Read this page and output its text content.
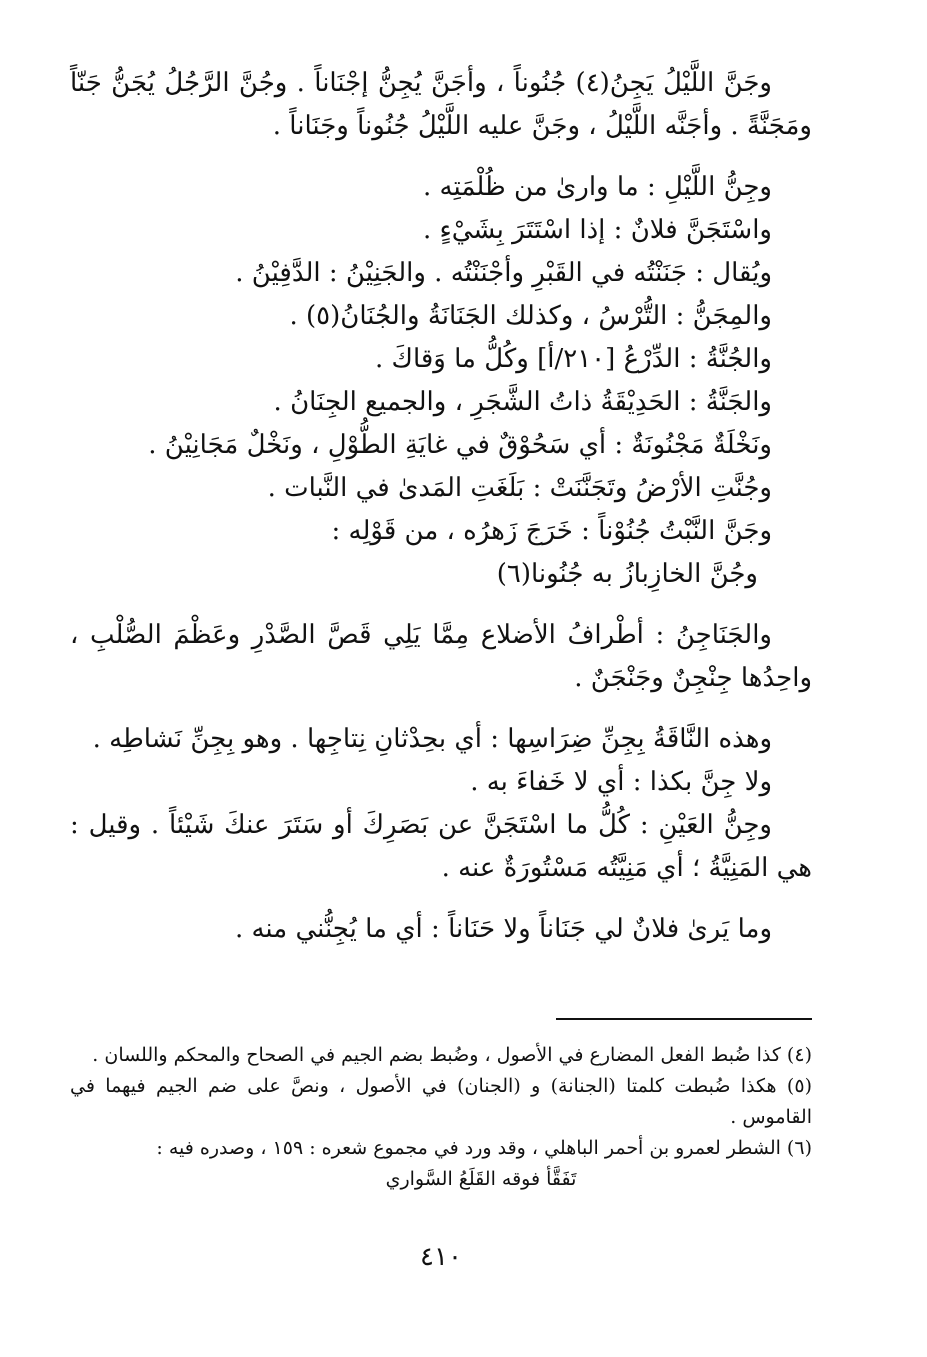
وجَنَّ اللَّيْلُ يَجِنُ(٤) جُنُوناً ، وأجَنَّ يُجِنُّ إجْنَاناً . وجُنَّ الرَّجُلُ يُجَنُّ جَنّاً ومَجَنَّةً . وأجَنَّه اللَّيْلُ ، وجَنَّ عليه اللَّيْلُ جُنُوناً وجَنَاناً .

وجِنُّ اللَّيْلِ : ما وارىٰ من ظُلْمَتِه .
واسْتَجَنَّ فلانٌ : إذا اسْتَتَرَ بِشَيْءٍ .
ويُقال : جَنَنْتُه في القَبْرِ وأجْنَنْتُه . والجَنِيْنُ : الدَّفِيْنُ .
والمِجَنُّ : التُّرْسُ ، وكذلك الجَنَانَةُ والجُنَانُ(٥) .
والجُنَّةُ : الدِّرْعُ [٢١٠/أ] وكُلُّ ما وَقاكَ .
والجَنَّةُ : الحَدِيْقَةُ ذاتُ الشَّجَرِ ، والجميع الجِنَانُ .
ونَخْلَةٌ مَجْنُونَةٌ : أي سَحُوْقٌ في غايَةِ الطُّوْلِ ، ونَخْلٌ مَجَانِيْنُ .
وجُنَّتِ الأرْضُ وتَجَنَّنَتْ : بَلَغَتِ المَدىٰ في النَّبات .
وجَنَّ النَّبْتُ جُنُوْناً : خَرَجَ زَهرُه ، من قَوْلِه :
وجُنَّ الخازِبازُ به جُنُونا(٦)

والجَنَاجِنُ : أطْرافُ الأضلاع مِمَّا يَلِي قَصَّ الصَّدْرِ وعَظْمَ الصُّلْبِ ، واحِدُها جِنْجِنٌ وجَنْجَنٌ .

وهذه النَّاقَةُ بِجِنِّ ضِرَاسِها : أي بحِدْثانِ نِتاجِها . وهو بِجِنِّ نَشاطِه .
ولا جِنَّ بكذا : أي لا خَفاءَ به .

وجِنُّ العَيْنِ : كُلُّ ما اسْتَجَنَّ عن بَصَرِكَ أو سَتَرَ عنكَ شَيْئاً . وقيل : هي المَنِيَّةُ ؛ أي مَنِيَّتُه مَسْتُورَةٌ عنه .

وما يَرىٰ فلانٌ لي جَنَاناً ولا حَنَاناً : أي ما يُجِنُّني منه .

(٤) كذا ضُبط الفعل المضارع في الأصول ، وضُبط بضم الجيم في الصحاح والمحكم واللسان .

(٥) هكذا ضُبطت كلمتا (الجنانة) و (الجنان) في الأصول ، ونصَّ على ضم الجيم فيهما في القاموس .

(٦) الشطر لعمرو بن أحمر الباهلي ، وقد ورد في مجموع شعره : ١٥٩ ، وصدره فيه :

تَفَقَّأ فوقه القَلَعُ السَّواري

٤١٠
